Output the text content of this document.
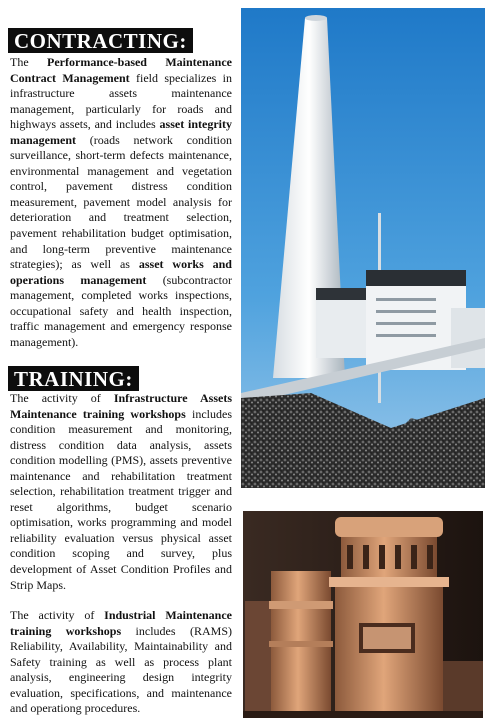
CONTRACTING:

The Performance-based Maintenance Contract Management field specializes in infrastructure assets maintenance management, particularly for roads and highways assets, and includes asset integrity management (roads network condition surveillance, short-term defects maintenance, environmental management and vegetation control, pavement distress condition measurement, pavement model analysis for deterioration and treatment selection, pavement rehabilitation budget optimisation, and long-term preventive maintenance strategies); as well as asset works and operations management (subcontractor management, completed works inspections, occupational safety and health inspection, traffic management and emergency response management).

TRAINING:

The activity of Infrastructure Assets Maintenance training workshops includes condition measurement and monitoring, distress condition data analysis, assets condition modelling (PMS), assets preventive maintenance and rehabilitation treatment selection, rehabilitation treatment trigger and reset algorithms, budget scenario optimisation, works programming and model reliability evaluation versus physical asset condition scoping and survey, plus development of Asset Condition Profiles and Strip Maps.

The activity of Industrial Maintenance training workshops includes (RAMS) Reliability, Availability, Maintainability and Safety training as well as process plant analysis, engineering design integrity evaluation, specifications, and maintenance and operationg procedures.
